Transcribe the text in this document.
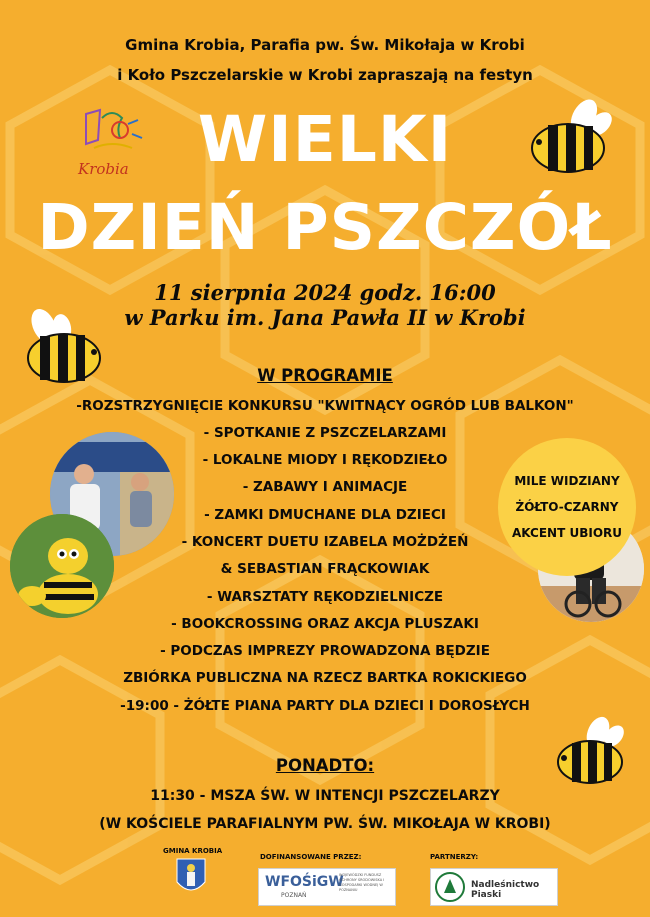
Gmina Krobia, Parafia pw. Św. Mikołaja w Krobi
i Koło Pszczelarskie w Krobi zapraszają na festyn
Krobia	WIELKI
DZIEŃ PSZCZÓŁ
11 sierpnia 2024 godz. 16:00
w Parku im. Jana Pawła II w Krobi
W PROGRAMIE
-ROZSTRZYGNIĘCIE KONKURSU "KWITNĄCY OGRÓD LUB BALKON"
- SPOTKANIE Z PSZCZELARZAMI
- LOKALNE MIODY I RĘKODZIEŁO
- ZABAWY I ANIMACJE
- ZAMKI DMUCHANE DLA DZIECI
- KONCERT DUETU IZABELA MOŻDŻEŃ
& SEBASTIAN FRĄCKOWIAK
- WARSZTATY RĘKODZIELNICZE
- BOOKCROSSING ORAZ AKCJA PLUSZAKI
- PODCZAS IMPREZY PROWADZONA BĘDZIE
ZBIÓRKA PUBLICZNA NA RZECZ BARTKA ROKICKIEGO
-19:00 - ŻÓŁTE PIANA PARTY DLA DZIECI I DOROSŁYCH
MILE WIDZIANY
ŻÓŁTO-CZARNY
AKCENT UBIORU
PONADTO:
11:30 - MSZA ŚW. W INTENCJI PSZCZELARZY
(W KOŚCIELE PARAFIALNYM PW. ŚW. MIKOŁAJA W KROBI)
GMINA KROBIA
DOFINANSOWANE PRZEZ:
WFOŚiGW
POZNAŃ
WOJEWÓDZKI FUNDUSZ OCHRONY ŚRODOWISKA I GOSPODARKI WODNEJ W POZNANIU
PARTNERZY:
Nadleśnictwo Piaski
